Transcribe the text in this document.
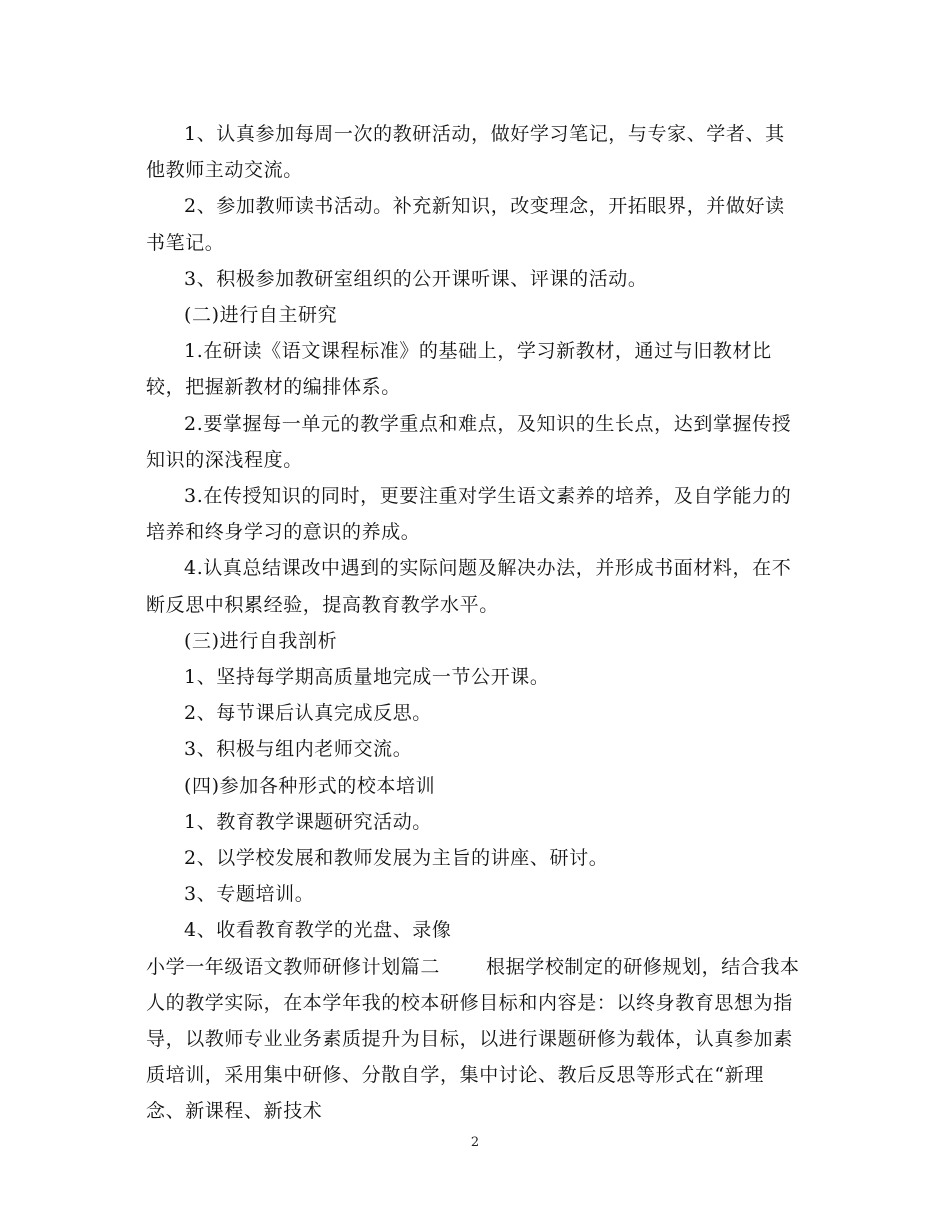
1、认真参加每周一次的教研活动，做好学习笔记，与专家、学者、其他教师主动交流。

2、参加教师读书活动。补充新知识，改变理念，开拓眼界，并做好读书笔记。

3、积极参加教研室组织的公开课听课、评课的活动。

(二)进行自主研究

1.在研读《语文课程标准》的基础上，学习新教材，通过与旧教材比较，把握新教材的编排体系。

2.要掌握每一单元的教学重点和难点，及知识的生长点，达到掌握传授知识的深浅程度。

3.在传授知识的同时，更要注重对学生语文素养的培养，及自学能力的培养和终身学习的意识的养成。

4.认真总结课改中遇到的实际问题及解决办法，并形成书面材料，在不断反思中积累经验，提高教育教学水平。

(三)进行自我剖析

1、坚持每学期高质量地完成一节公开课。

2、每节课后认真完成反思。

3、积极与组内老师交流。

(四)参加各种形式的校本培训

1、教育教学课题研究活动。

2、以学校发展和教师发展为主旨的讲座、研讨。

3、专题培训。

4、收看教育教学的光盘、录像

小学一年级语文教师研修计划篇二 根据学校制定的研修规划，结合我本人的教学实际，在本学年我的校本研修目标和内容是：以终身教育思想为指导，以教师专业业务素质提升为目标，以进行课题研修为载体，认真参加素质培训，采用集中研修、分散自学，集中讨论、教后反思等形式在“新理念、新课程、新技术

2
